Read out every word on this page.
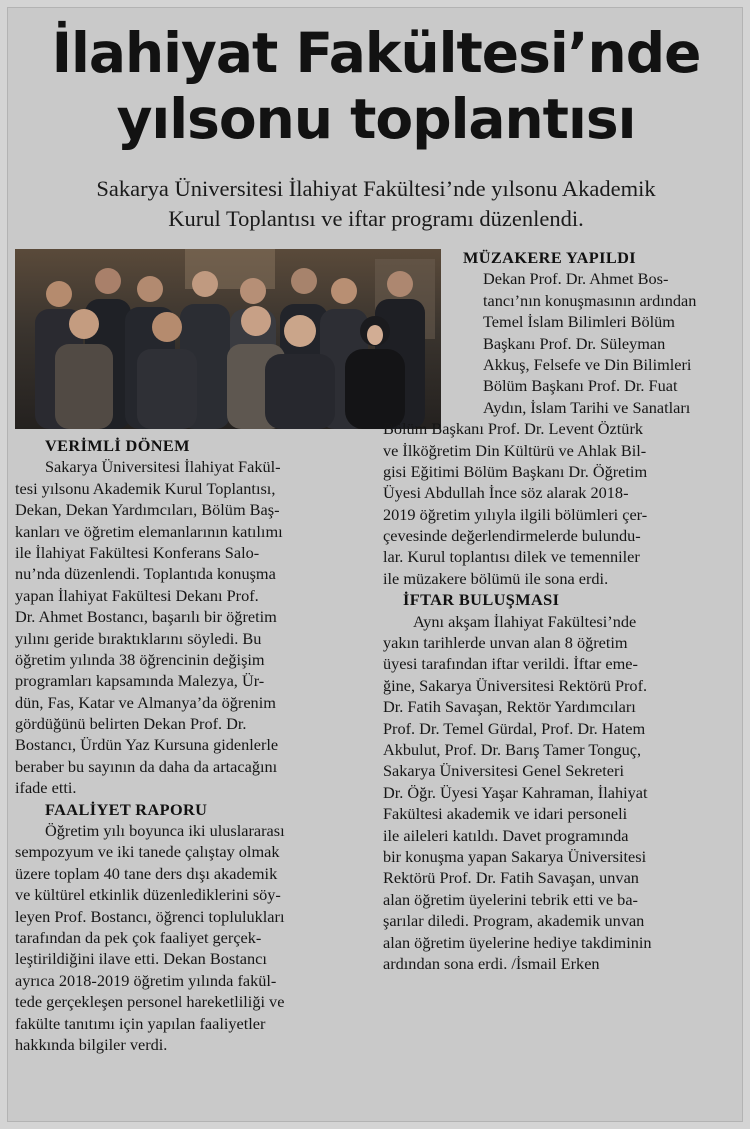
İlahiyat Fakültesi’nde
yılsonu toplantısı
Sakarya Üniversitesi İlahiyat Fakültesi’nde yılsonu Akademik
Kurul Toplantısı ve iftar programı düzenlendi.
VERİMLİ DÖNEM
Sakarya Üniversitesi İlahiyat Fakül-
tesi yılsonu Akademik Kurul Toplantısı,
Dekan, Dekan Yardımcıları, Bölüm Baş-
kanları ve öğretim elemanlarının katılımı
ile İlahiyat Fakültesi Konferans Salo-
nu’nda düzenlendi. Toplantıda konuşma
yapan İlahiyat Fakültesi Dekanı Prof.
Dr. Ahmet Bostancı, başarılı bir öğretim
yılını geride bıraktıklarını söyledi. Bu
öğretim yılında 38 öğrencinin değişim
programları kapsamında Malezya, Ür-
dün, Fas, Katar ve Almanya’da öğrenim
gördüğünü belirten Dekan Prof. Dr.
Bostancı, Ürdün Yaz Kursuna gidenlerle
beraber bu sayının da daha da artacağını
ifade etti.
FAALİYET RAPORU
Öğretim yılı boyunca iki uluslararası
sempozyum ve iki tanede çalıştay olmak
üzere toplam 40 tane ders dışı akademik
ve kültürel etkinlik düzenlediklerini söy-
leyen Prof. Bostancı, öğrenci toplulukları
tarafından da pek çok faaliyet gerçek-
leştirildiğini ilave etti. Dekan Bostancı
ayrıca 2018-2019 öğretim yılında fakül-
tede gerçekleşen personel hareketliliği ve
fakülte tanıtımı için yapılan faaliyetler
hakkında bilgiler verdi.
MÜZAKERE YAPILDI
Dekan Prof. Dr. Ahmet Bos-
tancı’nın konuşmasının ardından
Temel İslam Bilimleri Bölüm
Başkanı Prof. Dr. Süleyman
Akkuş, Felsefe ve Din Bilimleri
Bölüm Başkanı Prof. Dr. Fuat
Aydın, İslam Tarihi ve Sanatları
Bölüm Başkanı Prof. Dr. Levent Öztürk
ve İlköğretim Din Kültürü ve Ahlak Bil-
gisi Eğitimi Bölüm Başkanı Dr. Öğretim
Üyesi Abdullah İnce söz alarak 2018-
2019 öğretim yılıyla ilgili bölümleri çer-
çevesinde değerlendirmelerde bulundu-
lar. Kurul toplantısı dilek ve temenniler
ile müzakere bölümü ile sona erdi.
İFTAR BULUŞMASI
Aynı akşam İlahiyat Fakültesi’nde
yakın tarihlerde unvan alan 8 öğretim
üyesi tarafından iftar verildi. İftar eme-
ğine, Sakarya Üniversitesi Rektörü Prof.
Dr. Fatih Savaşan, Rektör Yardımcıları
Prof. Dr. Temel Gürdal, Prof. Dr. Hatem
Akbulut, Prof. Dr. Barış Tamer Tonguç,
Sakarya Üniversitesi Genel Sekreteri
Dr. Öğr. Üyesi Yaşar Kahraman, İlahiyat
Fakültesi akademik ve idari personeli
ile aileleri katıldı. Davet programında
bir konuşma yapan Sakarya Üniversitesi
Rektörü Prof. Dr. Fatih Savaşan, unvan
alan öğretim üyelerini tebrik etti ve ba-
şarılar diledi. Program, akademik unvan
alan öğretim üyelerine hediye takdiminin
ardından sona erdi. /İsmail Erken
